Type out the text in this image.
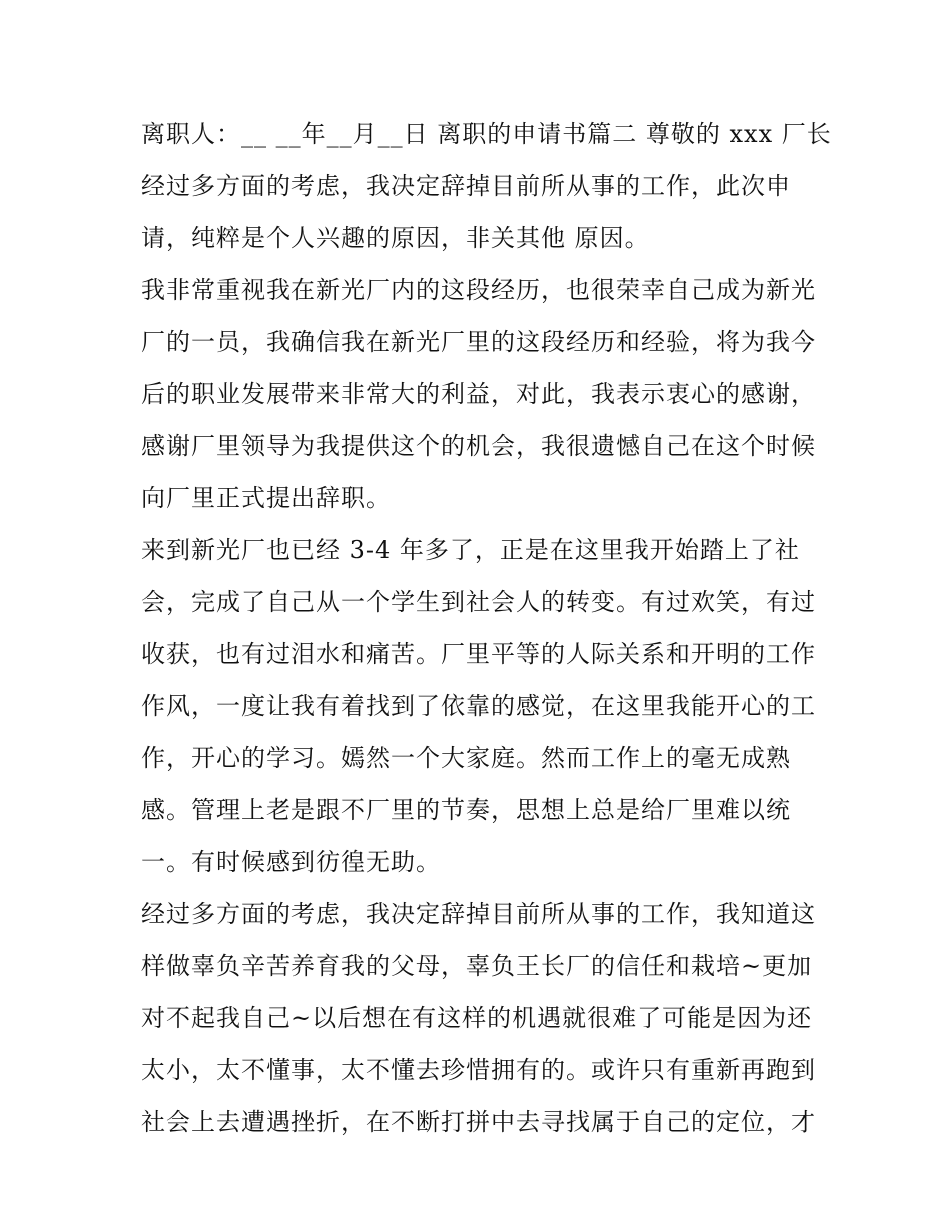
离职人：__ __年__月__日 离职的申请书篇二 尊敬的 xxx 厂长
经过多方面的考虑，我决定辞掉目前所从事的工作，此次申
请，纯粹是个人兴趣的原因，非关其他 原因。
我非常重视我在新光厂内的这段经历，也很荣幸自己成为新光
厂的一员，我确信我在新光厂里的这段经历和经验，将为我今
后的职业发展带来非常大的利益，对此，我表示衷心的感谢，
感谢厂里领导为我提供这个的机会，我很遗憾自己在这个时候
向厂里正式提出辞职。
来到新光厂也已经 3-4 年多了，正是在这里我开始踏上了社
会，完成了自己从一个学生到社会人的转变。有过欢笑，有过
收获，也有过泪水和痛苦。厂里平等的人际关系和开明的工作
作风，一度让我有着找到了依靠的感觉，在这里我能开心的工
作，开心的学习。嫣然一个大家庭。然而工作上的毫无成熟
感。管理上老是跟不厂里的节奏，思想上总是给厂里难以统
一。有时候感到彷徨无助。
经过多方面的考虑，我决定辞掉目前所从事的工作，我知道这
样做辜负辛苦养育我的父母，辜负王长厂的信任和栽培~更加
对不起我自己~以后想在有这样的机遇就很难了可能是因为还
太小，太不懂事，太不懂去珍惜拥有的。或许只有重新再跑到
社会上去遭遇挫折，在不断打拼中去寻找属于自己的定位，才
